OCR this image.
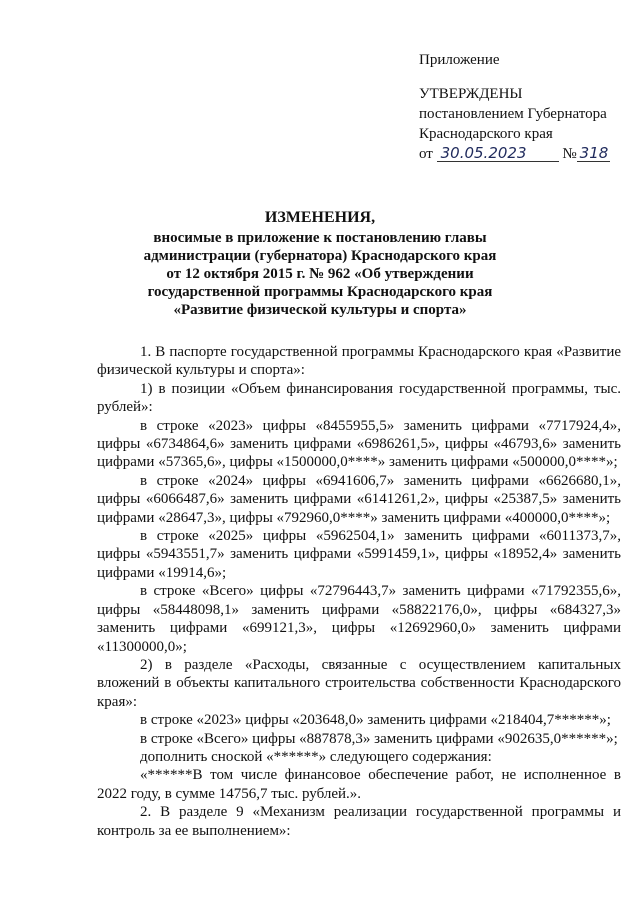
Приложение
УТВЕРЖДЕНЫ
постановлением Губернатора
Краснодарского края
от 30.05.2023 № 318
ИЗМЕНЕНИЯ,
вносимые в приложение к постановлению главы
администрации (губернатора) Краснодарского края
от 12 октября 2015 г. № 962 «Об утверждении
государственной программы Краснодарского края
«Развитие физической культуры и спорта»

1. В паспорте государственной программы Краснодарского края «Развитие физической культуры и спорта»:

1) в позиции «Объем финансирования государственной программы, тыс. рублей»:

в строке «2023» цифры «8455955,5» заменить цифрами «7717924,4», цифры «6734864,6» заменить цифрами «6986261,5», цифры «46793,6» заменить цифрами «57365,6», цифры «1500000,0****» заменить цифрами «500000,0****»;

в строке «2024» цифры «6941606,7» заменить цифрами «6626680,1», цифры «6066487,6» заменить цифрами «6141261,2», цифры «25387,5» заменить цифрами «28647,3», цифры «792960,0****» заменить цифрами «400000,0****»;

в строке «2025» цифры «5962504,1» заменить цифрами «6011373,7», цифры «5943551,7» заменить цифрами «5991459,1», цифры «18952,4» заменить цифрами «19914,6»;

в строке «Всего» цифры «72796443,7» заменить цифрами «71792355,6», цифры «58448098,1» заменить цифрами «58822176,0», цифры «684327,3» заменить цифрами «699121,3», цифры «12692960,0» заменить цифрами «11300000,0»;

2) в разделе «Расходы, связанные с осуществлением капитальных вложений в объекты капитального строительства собственности Краснодарского края»:

в строке «2023» цифры «203648,0» заменить цифрами «218404,7******»;

в строке «Всего» цифры «887878,3» заменить цифрами «902635,0******»;

дополнить сноской «******» следующего содержания:

«******В том числе финансовое обеспечение работ, не исполненное в 2022 году, в сумме 14756,7 тыс. рублей.».

2. В разделе 9 «Механизм реализации государственной программы и контроль за ее выполнением»:
